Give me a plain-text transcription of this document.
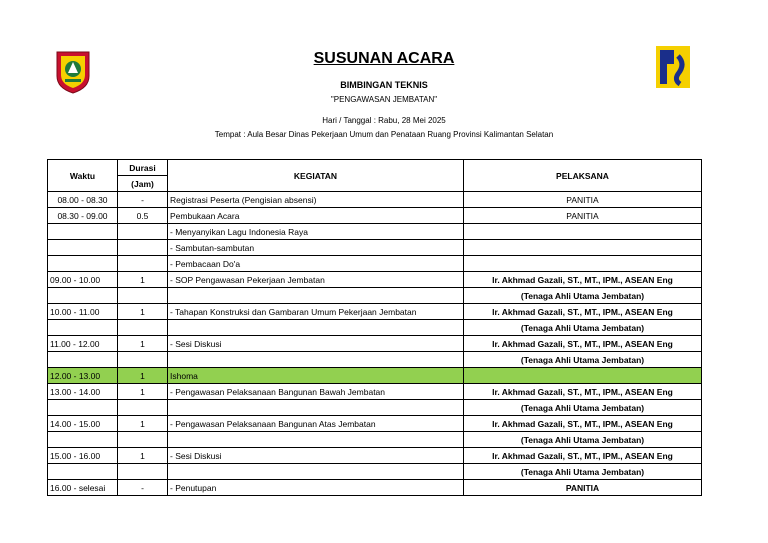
SUSUNAN ACARA
BIMBINGAN TEKNIS
"PENGAWASAN JEMBATAN"
Hari / Tanggal : Rabu, 28 Mei 2025
Tempat : Aula Besar Dinas Pekerjaan Umum dan Penataan Ruang Provinsi Kalimantan Selatan
Waktu	Durasi	KEGIATAN	PELAKSANA
	(Jam)		
08.00 - 08.30	-	Registrasi Peserta (Pengisian absensi)	PANITIA
08.30 - 09.00	0.5	Pembukaan Acara	PANITIA
		- Menyanyikan Lagu Indonesia Raya	
		- Sambutan-sambutan	
		- Pembacaan Do'a	
09.00 - 10.00	1	- SOP Pengawasan Pekerjaan Jembatan	Ir. Akhmad Gazali, ST., MT., IPM., ASEAN Eng
			(Tenaga Ahli Utama Jembatan)
10.00 - 11.00	1	- Tahapan Konstruksi dan Gambaran Umum Pekerjaan Jembatan	Ir. Akhmad Gazali, ST., MT., IPM., ASEAN Eng
			(Tenaga Ahli Utama Jembatan)
11.00 - 12.00	1	- Sesi Diskusi	Ir. Akhmad Gazali, ST., MT., IPM., ASEAN Eng
			(Tenaga Ahli Utama Jembatan)
12.00 - 13.00	1	Ishoma	
13.00 - 14.00	1	- Pengawasan Pelaksanaan Bangunan Bawah Jembatan	Ir. Akhmad Gazali, ST., MT., IPM., ASEAN Eng
			(Tenaga Ahli Utama Jembatan)
14.00 - 15.00	1	- Pengawasan Pelaksanaan Bangunan Atas Jembatan	Ir. Akhmad Gazali, ST., MT., IPM., ASEAN Eng
			(Tenaga Ahli Utama Jembatan)
15.00 - 16.00	1	- Sesi Diskusi	Ir. Akhmad Gazali, ST., MT., IPM., ASEAN Eng
			(Tenaga Ahli Utama Jembatan)
16.00 - selesai	-	- Penutupan	PANITIA
